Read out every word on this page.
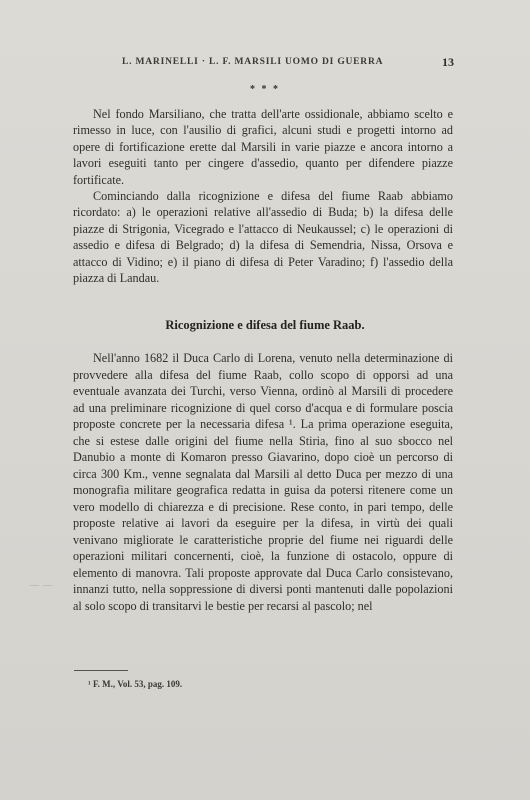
L. MARINELLI · L. F. MARSILI UOMO DI GUERRA	13
* * *

Nel fondo Marsiliano, che tratta dell'arte ossidionale, abbiamo scelto e rimesso in luce, con l'ausilio di grafici, alcuni studi e progetti intorno ad opere di fortificazione erette dal Marsili in varie piazze e ancora intorno a lavori eseguiti tanto per cingere d'assedio, quanto per difendere piazze fortificate.

Cominciando dalla ricognizione e difesa del fiume Raab abbiamo ricordato: a) le operazioni relative all'assedio di Buda; b) la difesa delle piazze di Strigonia, Vicegrado e l'attacco di Neukaussel; c) le operazioni di assedio e difesa di Belgrado; d) la difesa di Semendria, Nissa, Orsova e attacco di Vidino; e) il piano di difesa di Peter Varadino; f) l'assedio della piazza di Landau.

Ricognizione e difesa del fiume Raab.

Nell'anno 1682 il Duca Carlo di Lorena, venuto nella determinazione di provvedere alla difesa del fiume Raab, collo scopo di opporsi ad una eventuale avanzata dei Turchi, verso Vienna, ordinò al Marsili di procedere ad una preliminare ricognizione di quel corso d'acqua e di formulare poscia proposte concrete per la necessaria difesa ¹. La prima operazione eseguita, che si estese dalle origini del fiume nella Stiria, fino al suo sbocco nel Danubio a monte di Komaron presso Giavarino, dopo cioè un percorso di circa 300 Km., venne segnalata dal Marsili al detto Duca per mezzo di una monografia militare geografica redatta in guisa da potersi ritenere come un vero modello di chiarezza e di precisione. Rese conto, in pari tempo, delle proposte relative ai lavori da eseguire per la difesa, in virtù dei quali venivano migliorate le caratteristiche proprie del fiume nei riguardi delle operazioni militari concernenti, cioè, la funzione di ostacolo, oppure di elemento di manovra. Tali proposte approvate dal Duca Carlo consistevano, innanzi tutto, nella soppressione di diversi ponti mantenuti dalle popolazioni al solo scopo di transitarvi le bestie per recarsi al pascolo; nel

— —
¹ F. M., Vol. 53, pag. 109.
